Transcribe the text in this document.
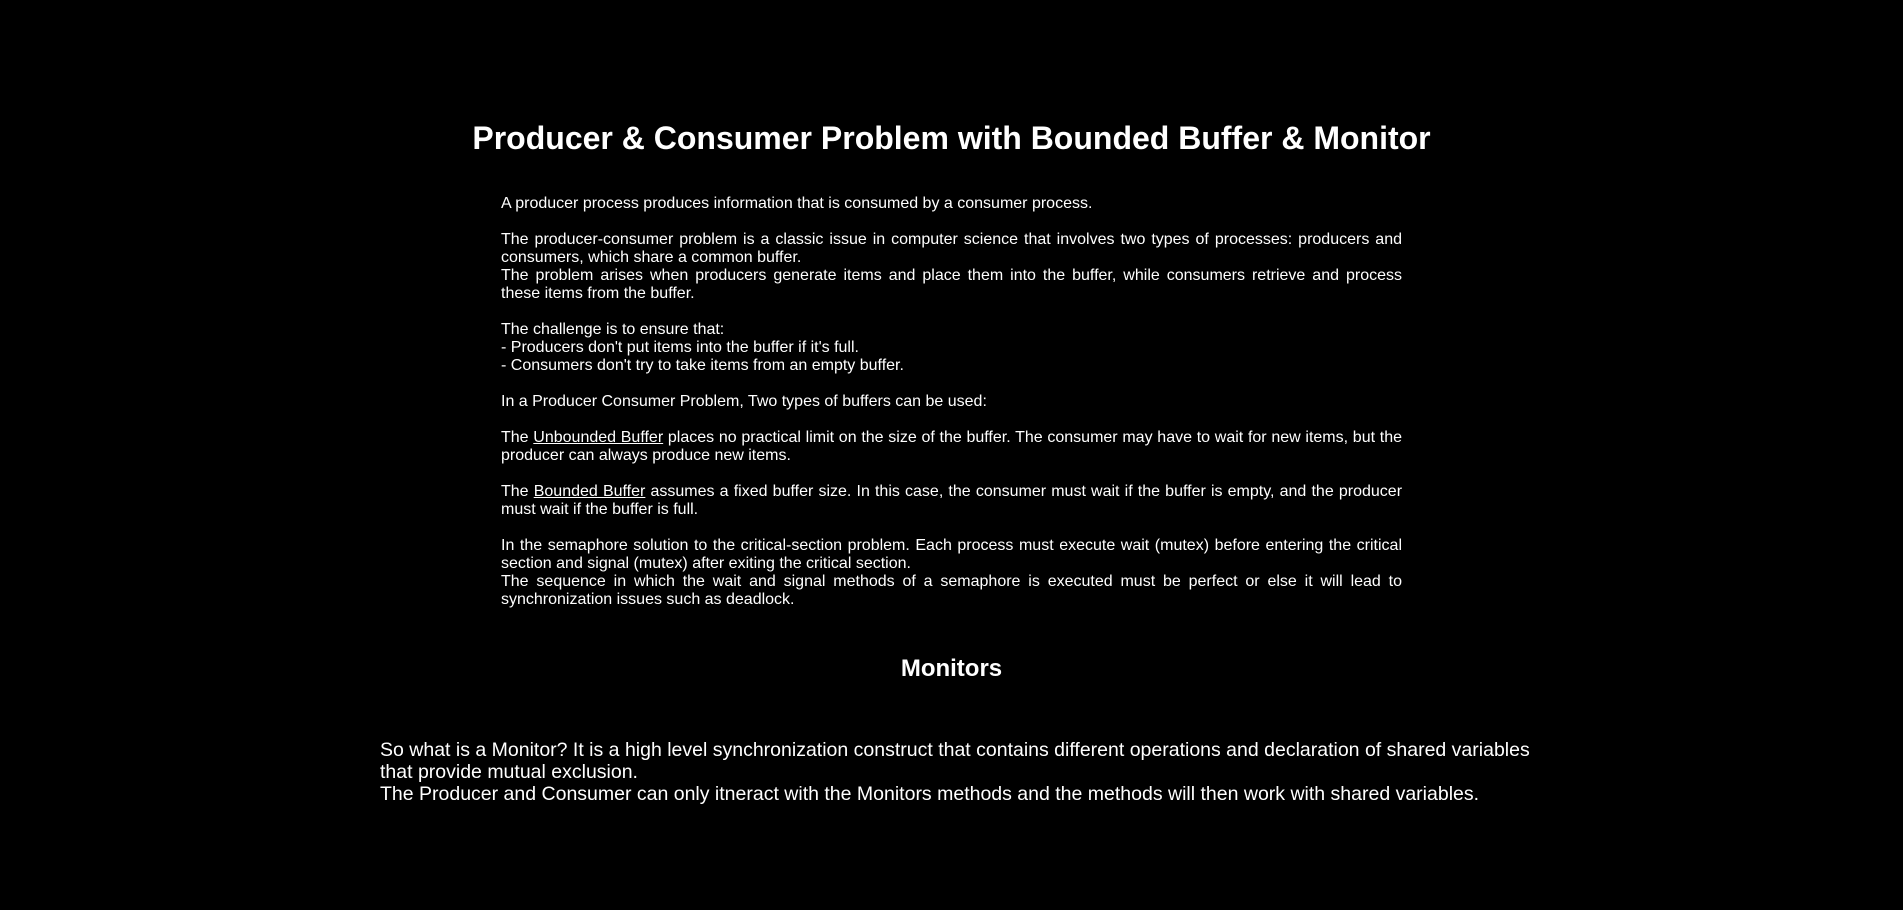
Producer & Consumer Problem with Bounded Buffer & Monitor

A producer process produces information that is consumed by a consumer process.

The producer-consumer problem is a classic issue in computer science that involves two types of processes: producers and consumers, which share a common buffer.
The problem arises when producers generate items and place them into the buffer, while consumers retrieve and process these items from the buffer.

The challenge is to ensure that:
- Producers don't put items into the buffer if it's full.
- Consumers don't try to take items from an empty buffer.

In a Producer Consumer Problem, Two types of buffers can be used:

The Unbounded Buffer places no practical limit on the size of the buffer. The consumer may have to wait for new items, but the producer can always produce new items.

The Bounded Buffer assumes a fixed buffer size. In this case, the consumer must wait if the buffer is empty, and the producer must wait if the buffer is full.

In the semaphore solution to the critical-section problem. Each process must execute wait (mutex) before entering the critical section and signal (mutex) after exiting the critical section.
The sequence in which the wait and signal methods of a semaphore is executed must be perfect or else it will lead to synchronization issues such as deadlock.

Monitors
So what is a Monitor? It is a high level synchronization construct that contains different operations and declaration of shared variables that provide mutual exclusion.
The Producer and Consumer can only itneract with the Monitors methods and the methods will then work with shared variables.
